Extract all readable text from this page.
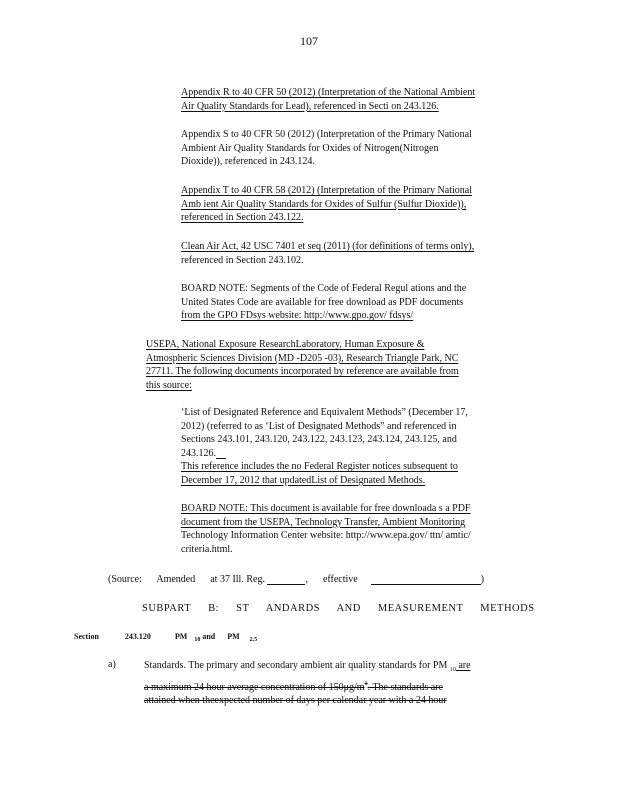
107
Appendix R to 40 CFR 50 (2012) (Interpretation of the National Ambient
Air Quality Standards for Lead), referenced in Secti on 243.126.
Appendix S to 40 CFR 50 (2012) (Interpretation of the Primary National
Ambient Air Quality Standards for Oxides of Nitrogen(Nitrogen
Dioxide)), referenced in 243.124.
Appendix T to 40 CFR 58 (2012) (Interpretation of the Primary National
Amb ient Air Quality Standards for Oxides of Sulfur (Sulfur Dioxide)),
referenced in Section 243.122.
Clean Air Act, 42 USC 7401 et seq (2011) (for definitions of terms only),
referenced in Section 243.102.
BOARD NOTE: Segments of the Code of Federal Regul ations and the
United States Code are available for free download as PDF documents
from the GPO FDsys website: http://www.gpo.gov/ fdsys/
USEPA, National Exposure ResearchLaboratory, Human Exposure &
Atmospheric Sciences Division (MD -D205 -03), Research Triangle Park, NC
27711. The following documents incorporated by reference are available from
this source:
‘List of Designated Reference and Equivalent Methods” (December 17,
2012) (referred to as ‘List of Designated Methods” and referenced in
Sections 243.101, 243.120, 243.122, 243.123, 243.124, 243.125, and
243.126.
This reference includes the no Federal Register notices subsequent to
December 17, 2012 that updatedList of Designated Methods.
BOARD NOTE: This document is available for free downloada s a PDF
document from the USEPA, Technology Transfer, Ambient Monitoring
Technology Information Center website: http://www.epa.gov/ ttn/ amtic/
criteria.html.
(Source: Amended at 37 Ill. Reg.	, effective	)
SUBPART B: ST ANDARDS AND MEASUREMENT METHODS
Section	243.120	PM 10 and PM 2.5
a)	Standards. The primary and secondary ambient air quality standards for PM $_{10}$ are
a maximum 24 hour average concentration of $150\mu g/m^3$. The standards are
attained when theexpected number of days per calendar year with a 24 hour
